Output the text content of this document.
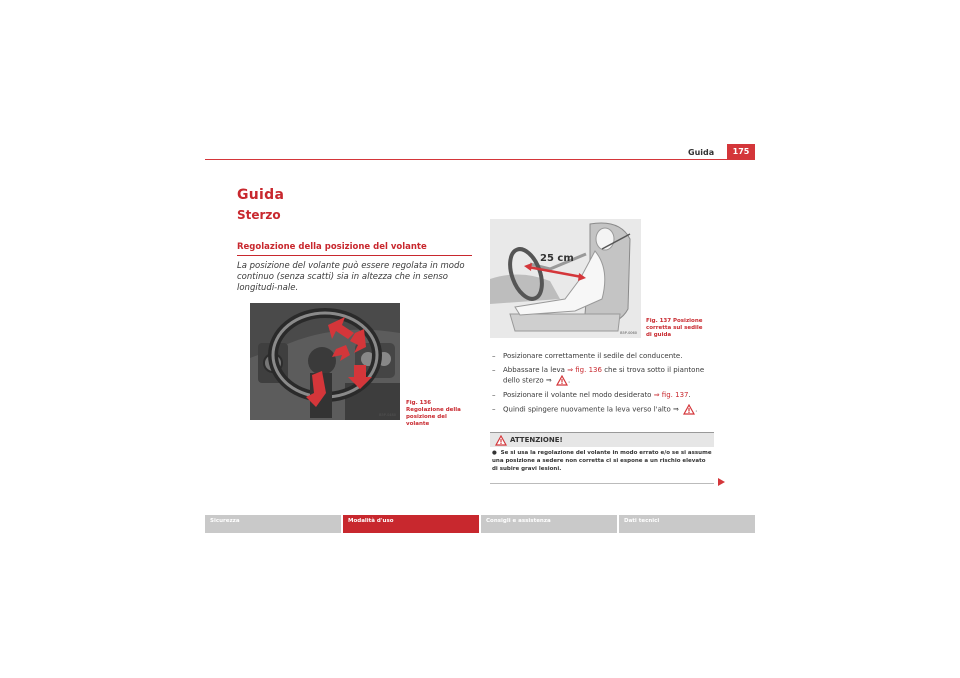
Guida	175
Guida
Sterzo
Regolazione della posizione del volante
La posizione del volante può essere regolata in modo continuo (senza scatti) sia in altezza che in senso longitudi-nale.
B5P-0480
Fig. 136 Regolazione della posizione del volante
25 cm
B5P-0060
Fig. 137 Posizione corretta sul sedile di guida
– Posizionare correttamente il sedile del conducente.
– Abbassare la leva ⇒ fig. 136 che si trova sotto il piantone dello sterzo ⇒ .
– Posizionare il volante nel modo desiderato ⇒ fig. 137.
– Quindi spingere nuovamente la leva verso l'alto ⇒ .
ATTENZIONE!
●  Se si usa la regolazione del volante in modo errato e/o se si assume una posizione a sedere non corretta ci si espone a un rischio elevato di subire gravi lesioni.
Sicurezza	Modalità d'uso	Consigli e assistenza	Dati tecnici
